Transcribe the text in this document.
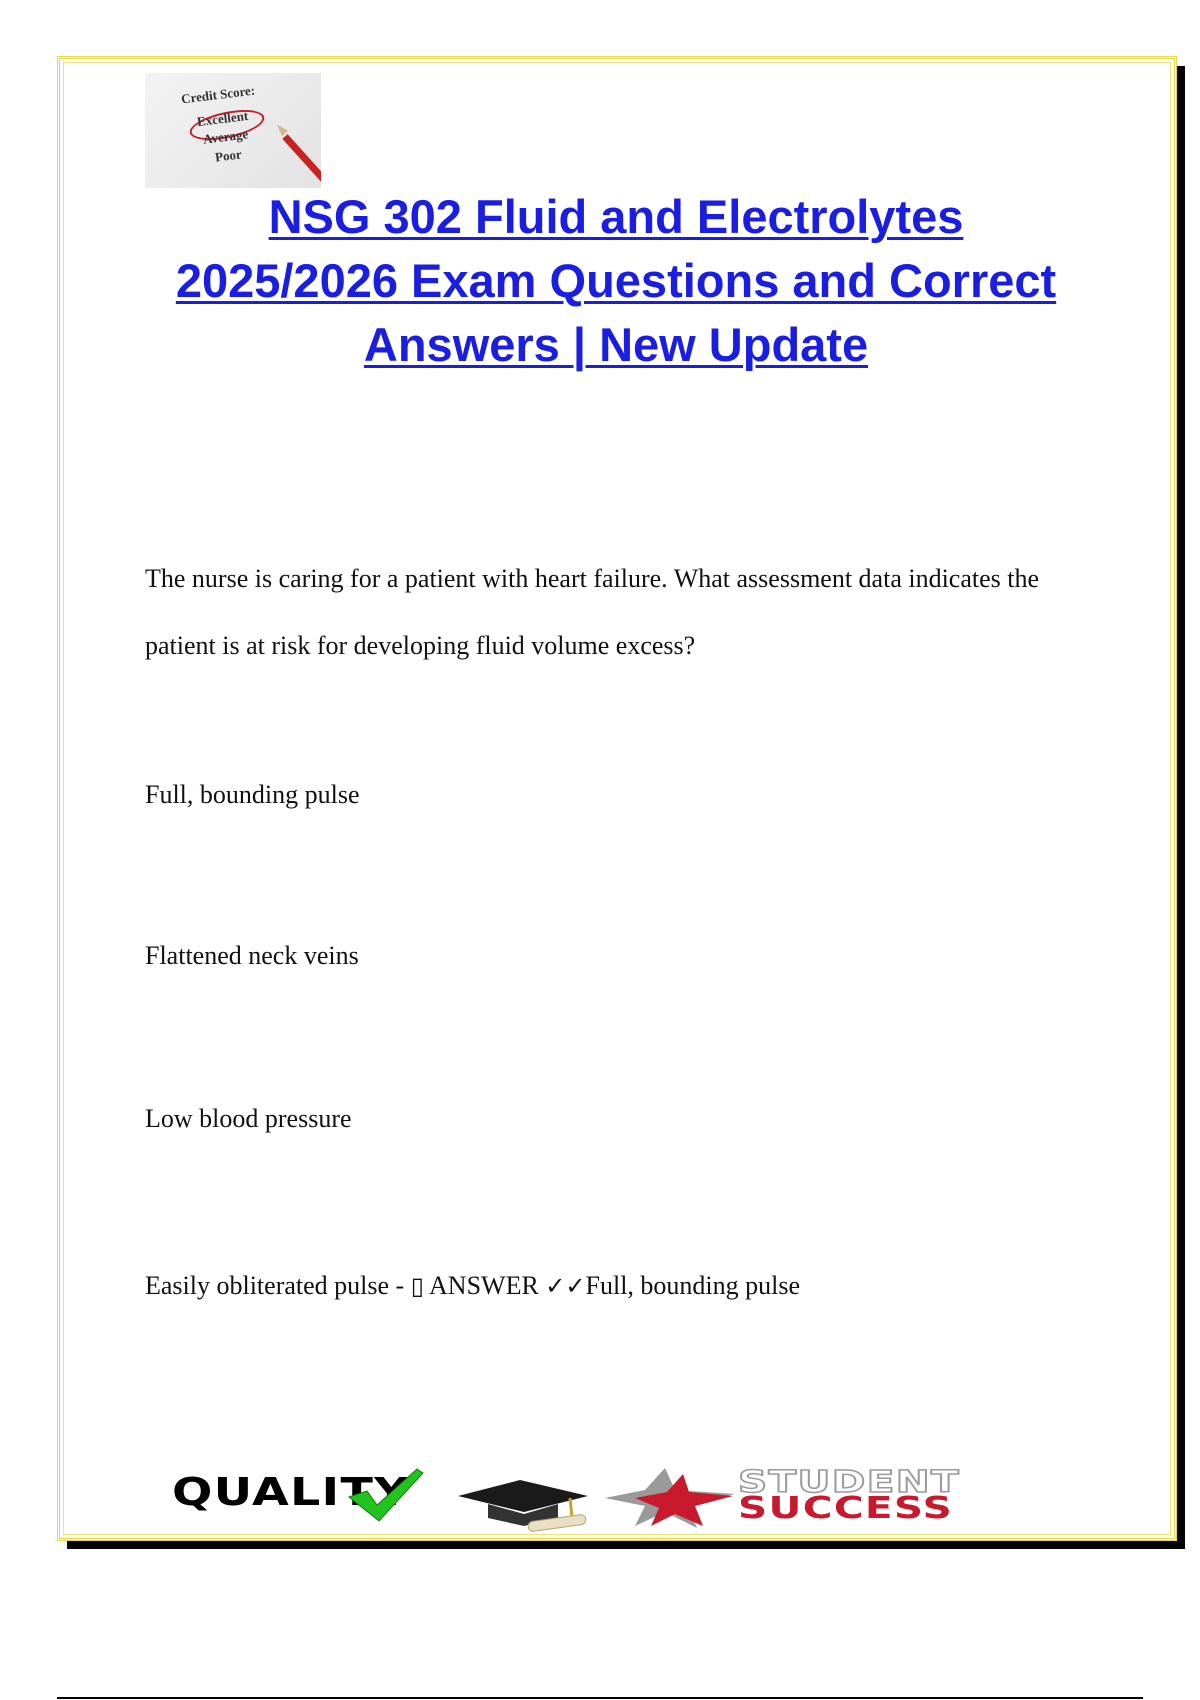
Credit Score:
Excellent
Average
Poor
NSG 302 Fluid and Electrolytes
2025/2026 Exam Questions and Correct
Answers | New Update

The nurse is caring for a patient with heart failure. What assessment data indicates the patient is at risk for developing fluid volume excess?

Full, bounding pulse

Flattened neck veins

Low blood pressure

Easily obliterated pulse - ▯ ANSWER ✓✓Full, bounding pulse

QUALITY	STUDENT
SUCCESS
